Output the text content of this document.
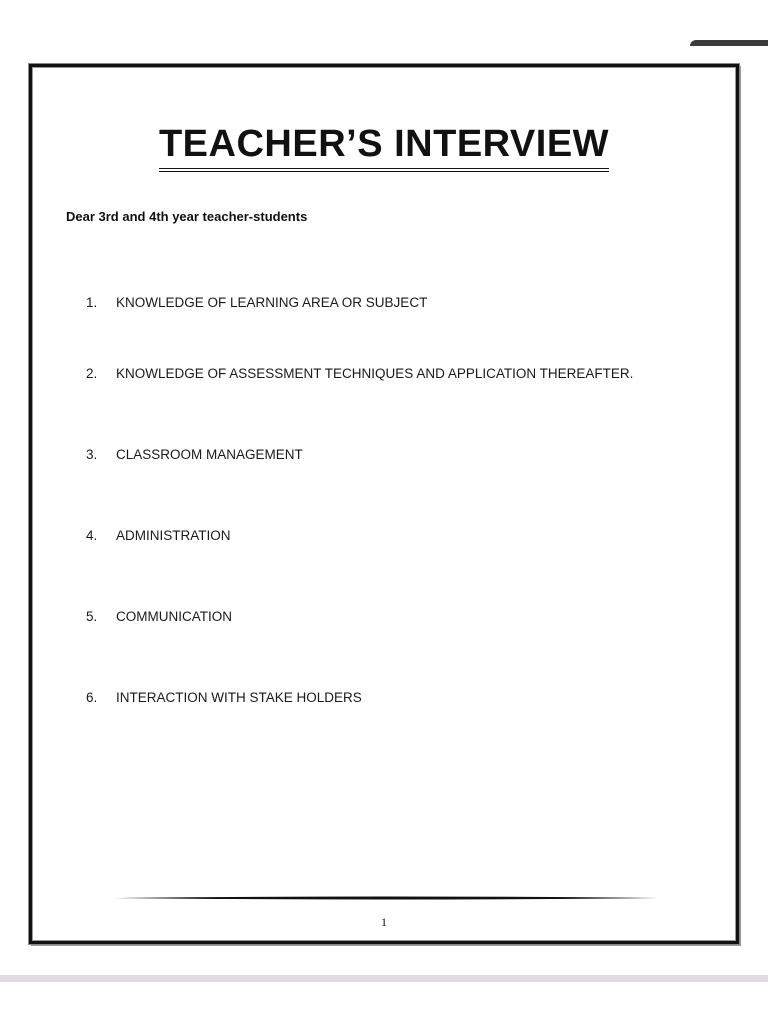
TEACHER’S INTERVIEW
Dear 3rd and 4th year teacher-students
1. KNOWLEDGE OF LEARNING AREA OR SUBJECT
2. KNOWLEDGE OF ASSESSMENT TECHNIQUES AND APPLICATION THEREAFTER.
3. CLASSROOM MANAGEMENT
4. ADMINISTRATION
5. COMMUNICATION
6. INTERACTION WITH STAKE HOLDERS
1
